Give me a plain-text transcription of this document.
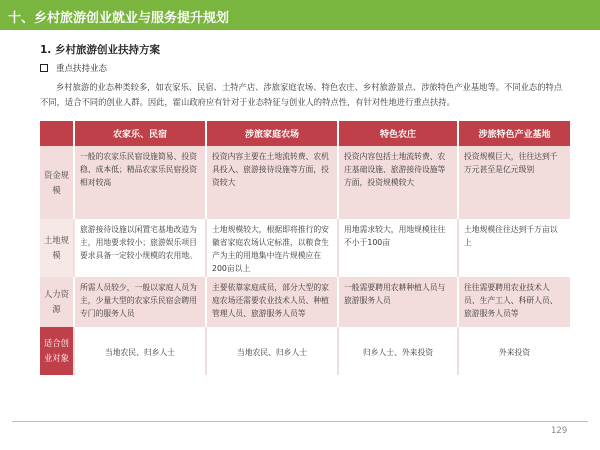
十、乡村旅游创业就业与服务提升规划
1. 乡村旅游创业扶持方案
重点扶持业态
乡村旅游的业态种类较多，如农家乐、民宿、土特产店、涉旅家庭农场、特色农庄、乡村旅游景点、涉旅特色产业基地等。不同业态的特点不同，适合不同的创业人群。因此，霍山政府应有针对于业态特征与创业人的特点性，有针对性地进行重点扶持。
	农家乐、民宿	涉旅家庭农场	特色农庄	涉旅特色产业基地
资金规模	一般的农家乐民宿设施简易、投资稳、成本低；精品农家乐民宿投资相对较高	投资内容主要在土地流转费、农机具投入、旅游接待设施等方面，投资较大	投资内容包括土地流转费、农庄基础设施、旅游接待设施等方面，投资规模较大	投资规模巨大，往往达到千万元甚至是亿元级别
土地规模	旅游接待设施以闲置宅基地改造为主，用地要求较小；旅游娱乐项目要求具备一定较小规模的农用地。	土地规模较大，根据即将推行的安徽省家庭农场认定标准，以粮食生产为主的用地集中连片规模应在200亩以上	用地需求较大，用地规模往往不小于100亩	土地规模往往达到千万亩以上
人力资源	所需人员较少，一般以家庭人员为主，少量大型的农家乐民宿会聘用专门的服务人员	主要依靠家庭成员，部分大型的家庭农场还需要农业技术人员、种植管理人员、旅游服务人员等	一般需要聘用农耕种植人员与旅游服务人员	往往需要聘用农业技术人员、生产工人、科研人员、旅游服务人员等
适合创业对象	当地农民、归乡人士	当地农民、归乡人士	归乡人士、外来投资	外来投资
129
